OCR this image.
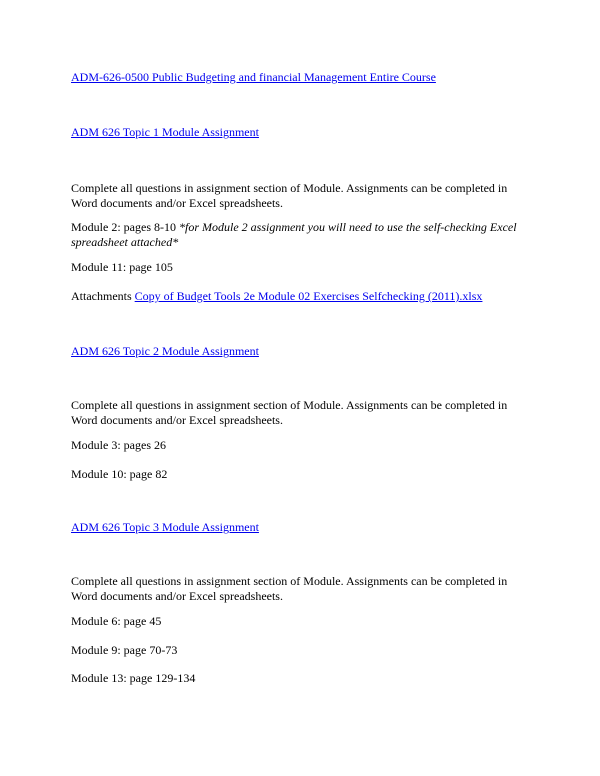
ADM-626-0500 Public Budgeting and financial Management Entire Course
ADM 626 Topic 1 Module Assignment

Complete all questions in assignment section of Module. Assignments can be completed in Word documents and/or Excel spreadsheets.

Module 2: pages 8-10 *for Module 2 assignment you will need to use the self-checking Excel spreadsheet attached*

Module 11: page 105

Attachments Copy of Budget Tools 2e Module 02 Exercises Selfchecking (2011).xlsx

ADM 626 Topic 2 Module Assignment

Complete all questions in assignment section of Module. Assignments can be completed in Word documents and/or Excel spreadsheets.

Module 3: pages 26

Module 10: page 82

ADM 626 Topic 3 Module Assignment

Complete all questions in assignment section of Module. Assignments can be completed in Word documents and/or Excel spreadsheets.

Module 6: page 45

Module 9: page 70-73

Module 13: page 129-134
